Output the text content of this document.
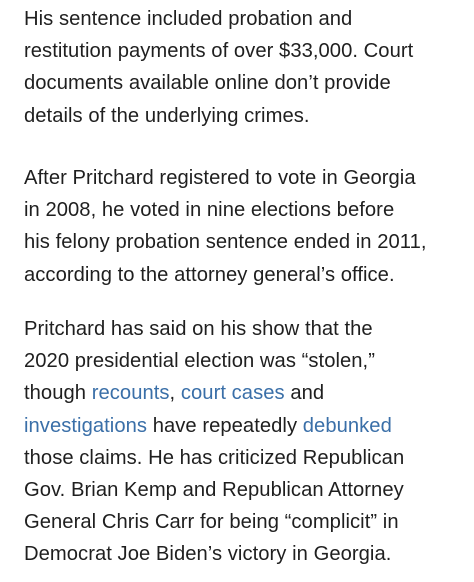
His sentence included probation and
restitution payments of over $33,000. Court
documents available online don’t provide
details of the underlying crimes.

After Pritchard registered to vote in Georgia
in 2008, he voted in nine elections before
his felony probation sentence ended in 2011,
according to the attorney general’s office.

Pritchard has said on his show that the
2020 presidential election was “stolen,”
though recounts, court cases and
investigations have repeatedly debunked
those claims. He has criticized Republican
Gov. Brian Kemp and Republican Attorney
General Chris Carr for being “complicit” in
Democrat Joe Biden’s victory in Georgia.
